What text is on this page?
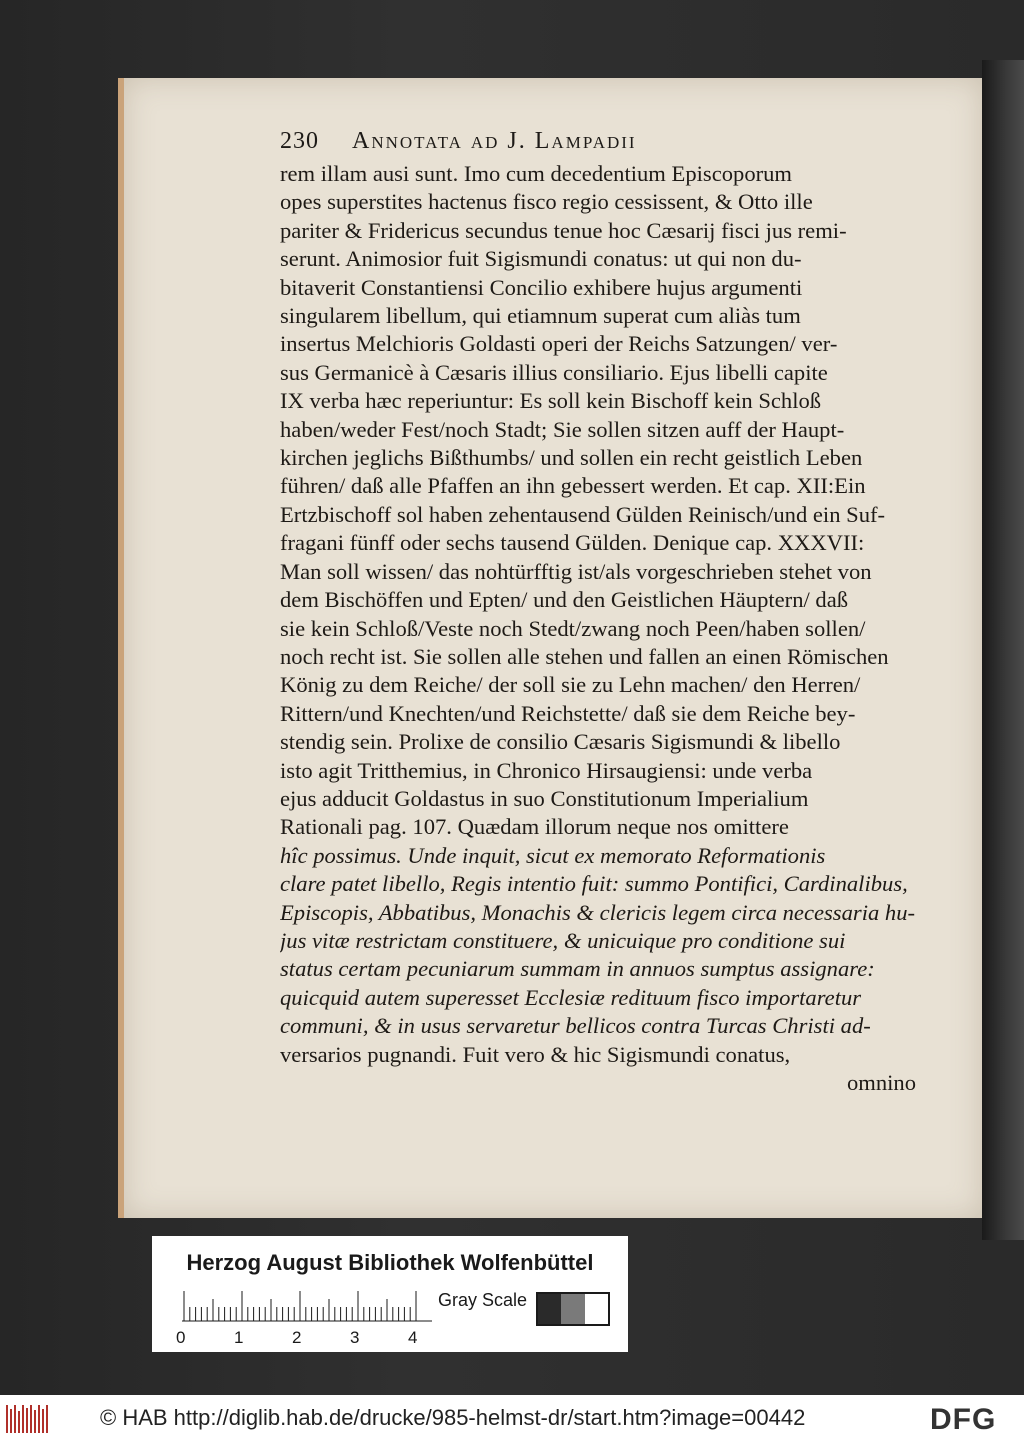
230 Annotata ad J. Lampadii
rem illam ausi sunt. Imo cum decedentium Episcoporum
opes superstites hactenus fisco regio cessissent, & Otto ille
pariter & Fridericus secundus tenue hoc Cæsarij fisci jus remi-
serunt. Animosior fuit Sigismundi conatus: ut qui non du-
bitaverit Constantiensi Concilio exhibere hujus argumenti
singularem libellum, qui etiamnum superat cum aliàs tum
insertus Melchioris Goldasti operi der Reichs Satzungen/ ver-
sus Germanicè à Cæsaris illius consiliario. Ejus libelli capite
IX verba hæc reperiuntur: Es soll kein Bischoff kein Schloß
haben/weder Fest/noch Stadt; Sie sollen sitzen auff der Haupt-
kirchen jeglichs Bißthumbs/ und sollen ein recht geistlich Leben
führen/ daß alle Pfaffen an ihn gebessert werden. Et cap. XII:Ein
Ertzbischoff sol haben zehentausend Gülden Reinisch/und ein Suf-
fragani fünff oder sechs tausend Gülden. Denique cap. XXXVII:
Man soll wissen/ das nohtürfftig ist/als vorgeschrieben stehet von
dem Bischöffen und Epten/ und den Geistlichen Häuptern/ daß
sie kein Schloß/Veste noch Stedt/zwang noch Peen/haben sollen/
noch recht ist. Sie sollen alle stehen und fallen an einen Römischen
König zu dem Reiche/ der soll sie zu Lehn machen/ den Herren/
Rittern/und Knechten/und Reichstette/ daß sie dem Reiche bey-
stendig sein. Prolixe de consilio Cæsaris Sigismundi & libello
isto agit Tritthemius, in Chronico Hirsaugiensi: unde verba
ejus adducit Goldastus in suo Constitutionum Imperialium
Rationali pag. 107. Quædam illorum neque nos omittere
hîc possimus. Unde inquit, sicut ex memorato Reformationis
clare patet libello, Regis intentio fuit: summo Pontifici, Cardinalibus,
Episcopis, Abbatibus, Monachis & clericis legem circa necessaria hu-
jus vitæ restrictam constituere, & unicuique pro conditione sui
status certam pecuniarum summam in annuos sumptus assignare:
quicquid autem superesset Ecclesiæ redituum fisco importaretur
communi, & in usus servaretur bellicos contra Turcas Christi ad-
versarios pugnandi. Fuit vero & hic Sigismundi conatus,
omnino
Herzog August Bibliothek Wolfenbüttel
0	1	2	3	4
Gray Scale
© HAB http://diglib.hab.de/drucke/985-helmst-dr/start.htm?image=00442	DFG
